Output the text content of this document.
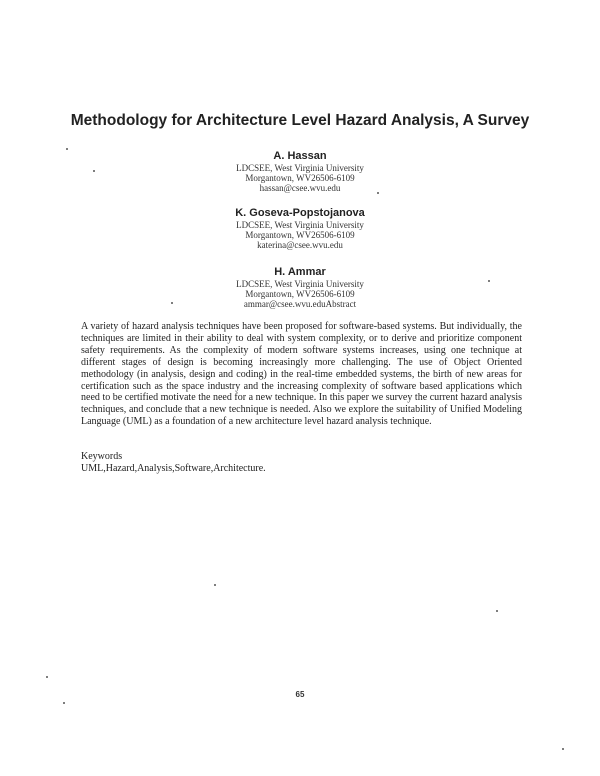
Methodology for Architecture Level Hazard Analysis, A Survey
A. Hassan
LDCSEE, West Virginia University
Morgantown, WV26506-6109
hassan@csee.wvu.edu
K. Goseva-Popstojanova
LDCSEE, West Virginia University
Morgantown, WV26506-6109
katerina@csee.wvu.edu
H. Ammar
LDCSEE, West Virginia University
Morgantown, WV26506-6109
ammar@csee.wvu.eduAbstract
A variety of hazard analysis techniques have been proposed for software-based systems. But individually, the techniques are limited in their ability to deal with system complexity, or to derive and prioritize component safety requirements. As the complexity of modern software systems increases, using one technique at different stages of design is becoming increasingly more challenging. The use of Object Oriented methodology (in analysis, design and coding) in the real-time embedded systems, the birth of new areas for certification such as the space industry and the increasing complexity of software based applications which need to be certified motivate the need for a new technique. In this paper we survey the current hazard analysis techniques, and conclude that a new technique is needed. Also we explore the suitability of Unified Modeling Language (UML) as a foundation of a new architecture level hazard analysis technique.
Keywords
UML,Hazard,Analysis,Software,Architecture.
65
